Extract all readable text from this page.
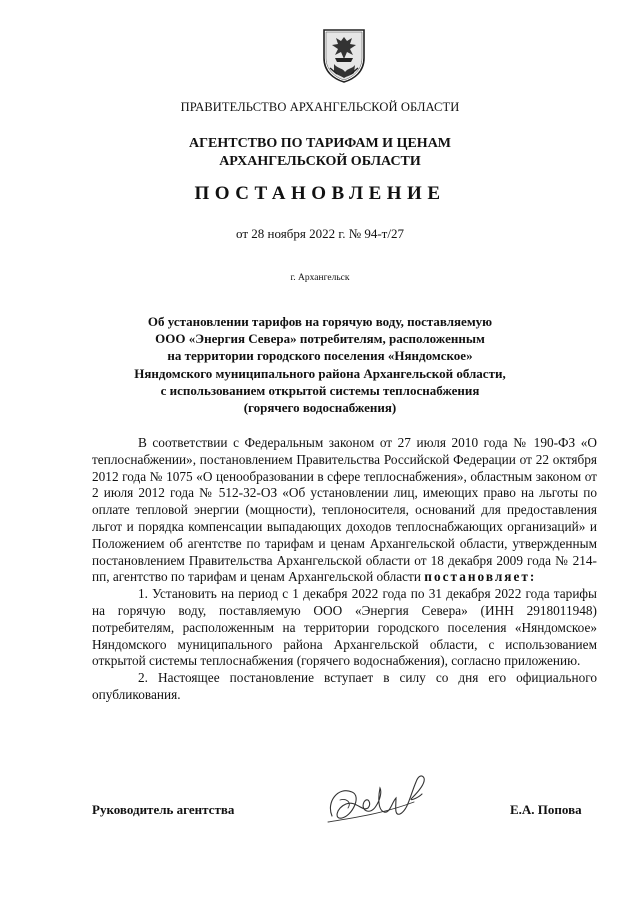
ПРАВИТЕЛЬСТВО АРХАНГЕЛЬСКОЙ ОБЛАСТИ
АГЕНТСТВО ПО ТАРИФАМ И ЦЕНАМ
АРХАНГЕЛЬСКОЙ ОБЛАСТИ
ПОСТАНОВЛЕНИЕ
от 28 ноября 2022 г. № 94-т/27
г. Архангельск
Об установлении тарифов на горячую воду, поставляемую
ООО «Энергия Севера» потребителям, расположенным
на территории городского поселения «Няндомское»
Няндомского муниципального района Архангельской области,
с использованием открытой системы теплоснабжения
(горячего водоснабжения)

В соответствии с Федеральным законом от 27 июля 2010 года № 190-ФЗ «О теплоснабжении», постановлением Правительства Российской Федерации от 22 октября 2012 года № 1075 «О ценообразовании в сфере теплоснабжения», областным законом от 2 июля 2012 года № 512-32-ОЗ «Об установлении лиц, имеющих право на льготы по оплате тепловой энергии (мощности), теплоносителя, оснований для предоставления льгот и порядка компенсации выпадающих доходов теплоснабжающих организаций» и Положением об агентстве по тарифам и ценам Архангельской области, утвержденным постановлением Правительства Архангельской области от 18 декабря 2009 года № 214-пп, агентство по тарифам и ценам Архангельской области постановляет:

1. Установить на период с 1 декабря 2022 года по 31 декабря 2022 года тарифы на горячую воду, поставляемую ООО «Энергия Севера» (ИНН 2918011948) потребителям, расположенным на территории городского поселения «Няндомское» Няндомского муниципального района Архангельской области, с использованием открытой системы теплоснабжения (горячего водоснабжения), согласно приложению.

2. Настоящее постановление вступает в силу со дня его официального опубликования.

Руководитель агентства	Е.А. Попова
